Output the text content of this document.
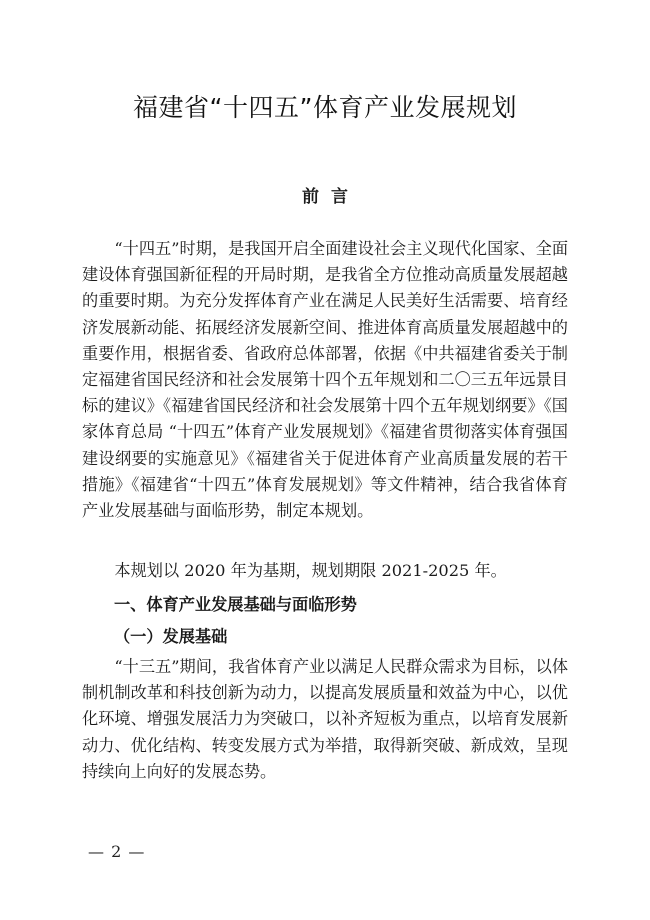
福建省“十四五”体育产业发展规划
前言

“十四五”时期，是我国开启全面建设社会主义现代化国家、全面建设体育强国新征程的开局时期，是我省全方位推动高质量发展超越的重要时期。为充分发挥体育产业在满足人民美好生活需要、培育经济发展新动能、拓展经济发展新空间、推进体育高质量发展超越中的重要作用，根据省委、省政府总体部署，依据《中共福建省委关于制定福建省国民经济和社会发展第十四个五年规划和二〇三五年远景目标的建议》《福建省国民经济和社会发展第十四个五年规划纲要》《国家体育总局 “十四五”体育产业发展规划》《福建省贯彻落实体育强国建设纲要的实施意见》《福建省关于促进体育产业高质量发展的若干措施》《福建省“十四五”体育发展规划》等文件精神，结合我省体育产业发展基础与面临形势，制定本规划。

本规划以 2020 年为基期，规划期限 2021-2025 年。

一、体育产业发展基础与面临形势
（一）发展基础

“十三五”期间，我省体育产业以满足人民群众需求为目标，以体制机制改革和科技创新为动力，以提高发展质量和效益为中心，以优化环境、增强发展活力为突破口，以补齐短板为重点，以培育发展新动力、优化结构、转变发展方式为举措，取得新突破、新成效，呈现持续向上向好的发展态势。

— 2 —
